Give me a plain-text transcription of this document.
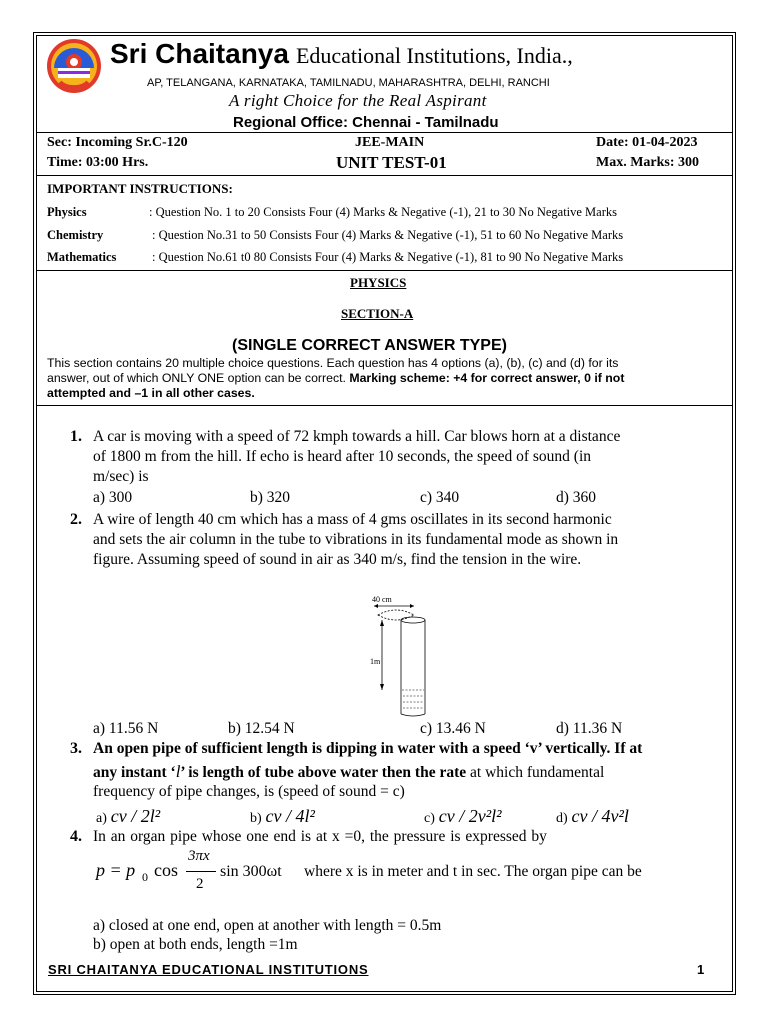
Sri Chaitanya Educational Institutions, India.,
AP, TELANGANA, KARNATAKA, TAMILNADU, MAHARASHTRA, DELHI, RANCHI
A right Choice for the Real Aspirant
Regional Office: Chennai - Tamilnadu
Sec: Incoming Sr.C-120	JEE-MAIN	Date: 01-04-2023
Time: 03:00 Hrs.	UNIT TEST-01	Max. Marks: 300
IMPORTANT INSTRUCTIONS:
Physics	: Question No. 1 to 20 Consists Four (4) Marks & Negative (-1), 21 to 30 No Negative Marks
Chemistry	: Question No.31 to 50 Consists Four (4) Marks & Negative (-1), 51 to 60 No Negative Marks
Mathematics	: Question No.61 t0 80 Consists Four (4) Marks & Negative (-1), 81 to 90 No Negative Marks
PHYSICS
SECTION-A
(SINGLE CORRECT ANSWER TYPE)
This section contains 20 multiple choice questions. Each question has 4 options (a), (b), (c) and (d) for its
answer, out of which ONLY ONE option can be correct. Marking scheme: +4 for correct answer, 0 if not
attempted and –1 in all other cases.
1. A car is moving with a speed of 72 kmph towards a hill. Car blows horn at a distance
of 1800 m from the hill. If echo is heard after 10 seconds, the speed of sound (in
m/sec) is
a) 300	b) 320	c) 340	d) 360
2. A wire of length 40 cm which has a mass of 4 gms oscillates in its second harmonic
and sets the air column in the tube to vibrations in its fundamental mode as shown in
figure. Assuming speed of sound in air as 340 m/s, find the tension in the wire.
40 cm
1m
a) 11.56 N	b) 12.54 N	c) 13.46 N	d) 11.36 N
3. An open pipe of sufficient length is dipping in water with a speed ‘v’ vertically. If at
any instant ‘l’ is length of tube above water then the rate at which fundamental
frequency of pipe changes, is (speed of sound = c)
a) cv / 2l²	b) cv / 4l²	c) cv / 2v²l²	d) cv / 4v²l
4. In an organ pipe whose one end is at x =0, the pressure is expressed by
p = p 0 cos
3πx
2
sin 300ωt where x is in meter and t in sec. The organ pipe can be
a) closed at one end, open at another with length = 0.5m
b) open at both ends, length =1m
SRI CHAITANYA EDUCATIONAL INSTITUTIONS	1
